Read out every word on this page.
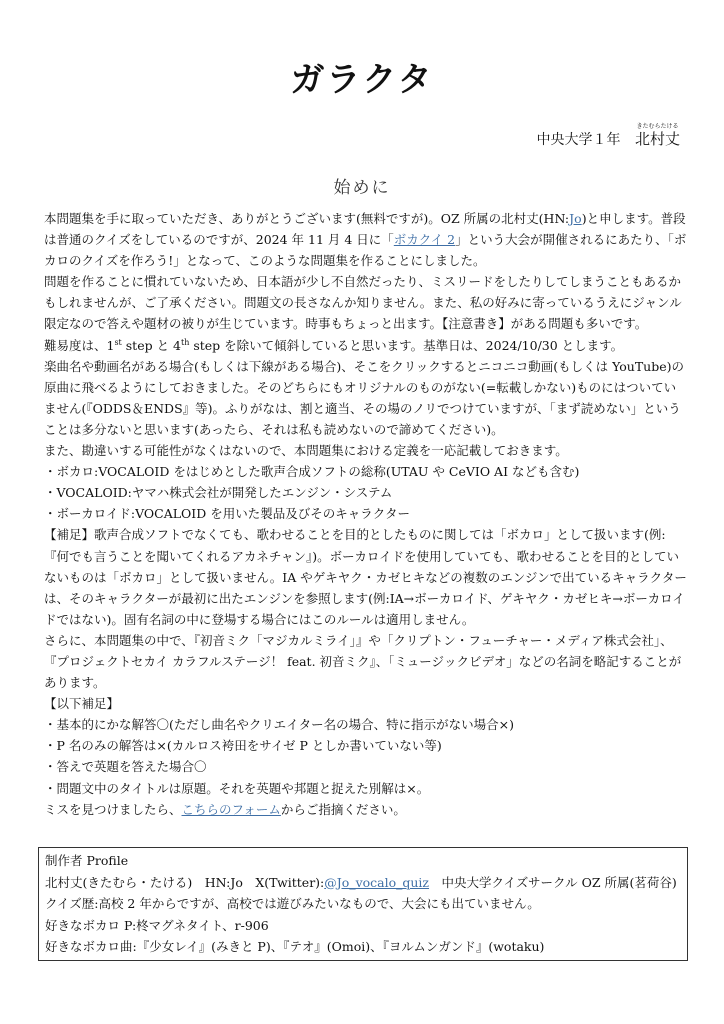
ガラクタ
中央大学１年
きたむらたける
北村丈
始めに

本問題集を手に取っていただき、ありがとうございます(無料ですが)。OZ 所属の北村丈(HN:Jo)と申します。普段は普通のクイズをしているのですが、2024 年 11 月 4 日に「ボカクイ 2」という大会が開催されるにあたり、「ボカロのクイズを作ろう!」となって、このような問題集を作ることにしました。

問題を作ることに慣れていないため、日本語が少し不自然だったり、ミスリードをしたりしてしまうこともあるかもしれませんが、ご了承ください。問題文の長さなんか知りません。また、私の好みに寄っているうえにジャンル限定なので答えや題材の被りが生じています。時事もちょっと出ます。【注意書き】がある問題も多いです。

難易度は、1st step と 4th step を除いて傾斜していると思います。基準日は、2024/10/30 とします。

楽曲名や動画名がある場合(もしくは下線がある場合)、そこをクリックするとニコニコ動画(もしくは YouTube)の原曲に飛べるようにしておきました。そのどちらにもオリジナルのものがない(=転載しかない)ものにはついていません(『ODDS＆ENDS』等)。ふりがなは、割と適当、その場のノリでつけていますが、「まず読めない」ということは多分ないと思います(あったら、それは私も読めないので諦めてください)。

また、勘違いする可能性がなくはないので、本問題集における定義を一応記載しておきます。

・ボカロ:VOCALOID をはじめとした歌声合成ソフトの総称(UTAU や CeVIO AI なども含む)

・VOCALOID:ヤマハ株式会社が開発したエンジン・システム

・ボーカロイド:VOCALOID を用いた製品及びそのキャラクター

【補足】歌声合成ソフトでなくても、歌わせることを目的としたものに関しては「ボカロ」として扱います(例:『何でも言うことを聞いてくれるアカネチャン』)。ボーカロイドを使用していても、歌わせることを目的としていないものは「ボカロ」として扱いません。IA やゲキヤク・カゼヒキなどの複数のエンジンで出ているキャラクターは、そのキャラクターが最初に出たエンジンを参照します(例:IA→ボーカロイド、ゲキヤク・カゼヒキ→ボーカロイドではない)。固有名詞の中に登場する場合にはこのルールは適用しません。

さらに、本問題集の中で、『初音ミク「マジカルミライ」』や「クリプトン・フューチャー・メディア株式会社」、『プロジェクトセカイ カラフルステージ！ feat. 初音ミク』、「ミュージックビデオ」などの名詞を略記することがあります。

【以下補足】

・基本的にかな解答〇(ただし曲名やクリエイター名の場合、特に指示がない場合×)

・P 名のみの解答は×(カルロス袴田をサイゼ P としか書いていない等)

・答えで英題を答えた場合〇

・問題文中のタイトルは原題。それを英題や邦題と捉えた別解は×。

ミスを見つけましたら、こちらのフォームからご指摘ください。

制作者 Profile

北村丈(きたむら・たける)　HN:Jo　X(Twitter):@Jo_vocalo_quiz　中央大学クイズサークル OZ 所属(茗荷谷)

クイズ歴:高校 2 年からですが、高校では遊びみたいなもので、大会にも出ていません。

好きなボカロ P:柊マグネタイト、r-906

好きなボカロ曲:『少女レイ』(みきと P)、『テオ』(Omoi)、『ヨルムンガンド』(wotaku)
